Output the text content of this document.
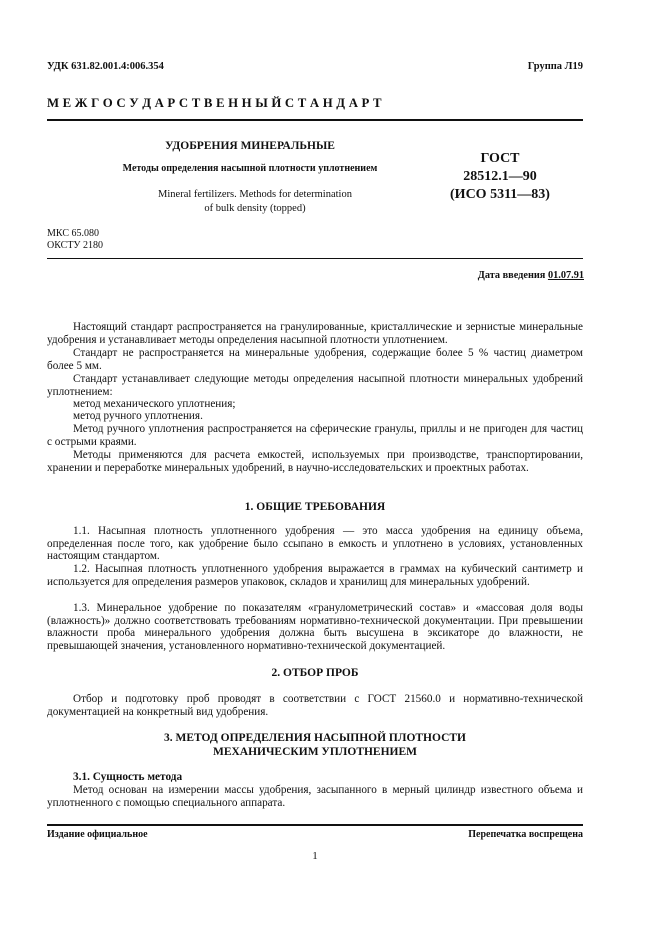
УДК 631.82.001.4:006.354	Группа Л19
М Е Ж Г О С У Д А Р С Т В Е Н Н Ы Й С Т А Н Д А Р Т
УДОБРЕНИЯ МИНЕРАЛЬНЫЕ
Методы определения насыпной плотности уплотнением
Mineral fertilizers. Methods for determination
of bulk density (topped)
ГОСТ
28512.1—90
(ИСО 5311—83)
МКС 65.080
ОКСТУ 2180
Дата введения 01.07.91
Настоящий стандарт распространяется на гранулированные, кристаллические и зернистые минеральные удобрения и устанавливает методы определения насыпной плотности уплотнением.
Стандарт не распространяется на минеральные удобрения, содержащие более 5 % частиц диаметром более 5 мм.
Стандарт устанавливает следующие методы определения насыпной плотности минеральных удобрений уплотнением:
метод механического уплотнения;
метод ручного уплотнения.
Метод ручного уплотнения распространяется на сферические гранулы, приллы и не пригоден для частиц с острыми краями.
Методы применяются для расчета емкостей, используемых при производстве, транспортировании, хранении и переработке минеральных удобрений, в научно-исследовательских и проектных работах.
1. ОБЩИЕ ТРЕБОВАНИЯ
1.1. Насыпная плотность уплотненного удобрения — это масса удобрения на единицу объема, определенная после того, как удобрение было ссыпано в емкость и уплотнено в условиях, установленных настоящим стандартом.
1.2. Насыпная плотность уплотненного удобрения выражается в граммах на кубический сантиметр и используется для определения размеров упаковок, складов и хранилищ для минеральных удобрений.
1.3. Минеральное удобрение по показателям «гранулометрический состав» и «массовая доля воды (влажность)» должно соответствовать требованиям нормативно-технической документации. При превышении влажности проба минерального удобрения должна быть высушена в эксикаторе до влажности, не превышающей значения, установленного нормативно-технической документацией.
2. ОТБОР ПРОБ
Отбор и подготовку проб проводят в соответствии с ГОСТ 21560.0 и нормативно-технической документацией на конкретный вид удобрения.
3. МЕТОД ОПРЕДЕЛЕНИЯ НАСЫПНОЙ ПЛОТНОСТИ
МЕХАНИЧЕСКИМ УПЛОТНЕНИЕМ
3.1. Сущность метода
Метод основан на измерении массы удобрения, засыпанного в мерный цилиндр известного объема и уплотненного с помощью специального аппарата.
Издание официальное	Перепечатка воспрещена
1
